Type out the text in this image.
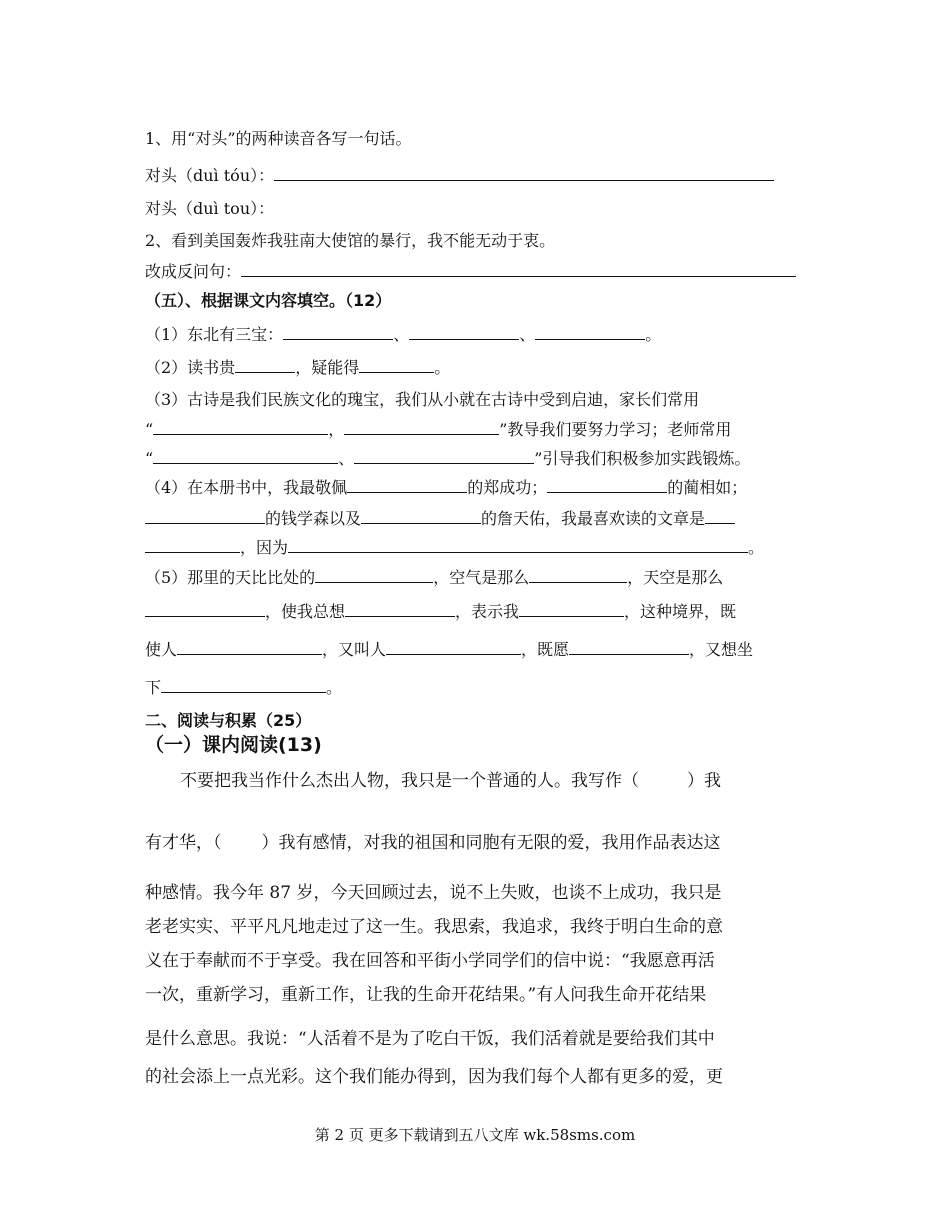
1、用“对头”的两种读音各写一句话。
对头（duì tóu）：
对头（duì tou）：
2、看到美国轰炸我驻南大使馆的暴行，我不能无动于衷。
改成反问句：
（五）、根据课文内容填空。（12）
（1）东北有三宝：	、	、	。
（2）读书贵	，疑能得	。
（3）古诗是我们民族文化的瑰宝，我们从小就在古诗中受到启迪，家长们常用
“	，	”教导我们要努力学习；老师常用
“	、	”引导我们积极参加实践锻炼。
（4）在本册书中，我最敬佩	的郑成功；	的蔺相如；
的钱学森以及	的詹天佑，我最喜欢读的文章是
，因为	。
（5）那里的天比比处的	，空气是那么	，天空是那么
，使我总想	，表示我	，这种境界，既
使人	，又叫人	，既愿	，又想坐
下	。
二、阅读与积累（25）
（一）课内阅读(13)
不要把我当作什么杰出人物，我只是一个普通的人。我写作（	）我
有才华，（ ）我有感情，对我的祖国和同胞有无限的爱，我用作品表达这
种感情。我今年 87 岁，今天回顾过去，说不上失败，也谈不上成功，我只是
老老实实、平平凡凡地走过了这一生。我思索，我追求，我终于明白生命的意
义在于奉献而不于享受。我在回答和平街小学同学们的信中说：“我愿意再活
一次，重新学习，重新工作，让我的生命开花结果。”有人问我生命开花结果
是什么意思。我说：“人活着不是为了吃白干饭，我们活着就是要给我们其中
的社会添上一点光彩。这个我们能办得到，因为我们每个人都有更多的爱，更
第 2 页 更多下载请到五八文库 wk.58sms.com
